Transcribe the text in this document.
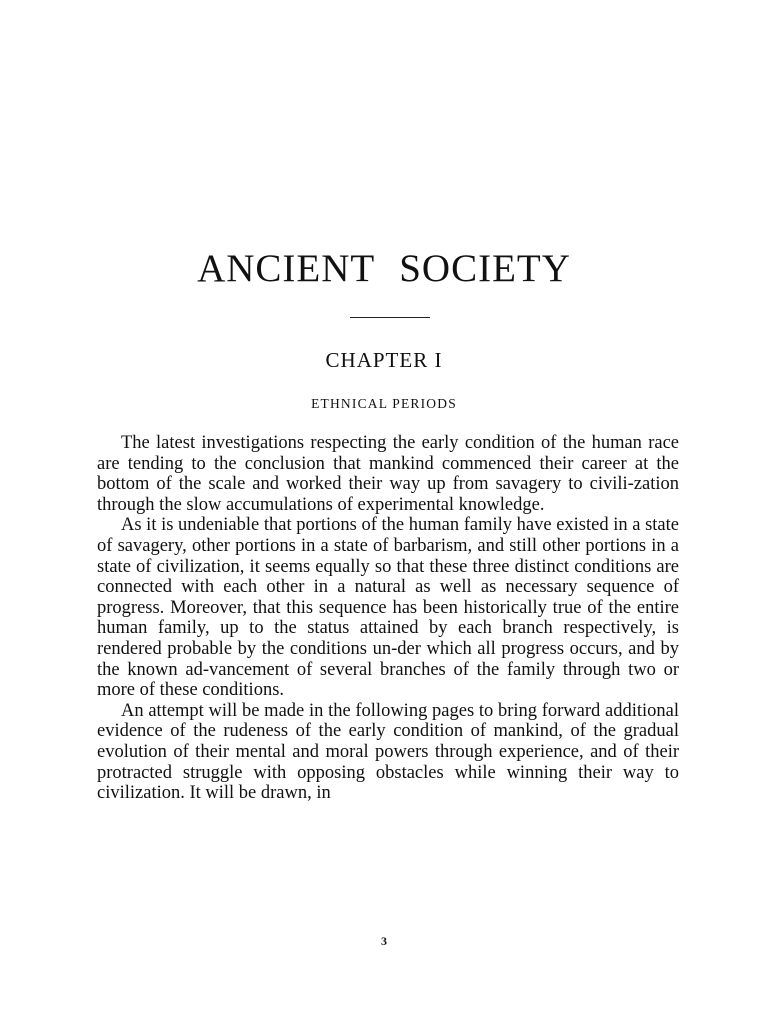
ANCIENT SOCIETY
CHAPTER I
ETHNICAL PERIODS

The latest investigations respecting the early condition of the human race are tending to the conclusion that mankind commenced their career at the bottom of the scale and worked their way up from savagery to civili-zation through the slow accumulations of experimental knowledge.

As it is undeniable that portions of the human family have existed in a state of savagery, other portions in a state of barbarism, and still other portions in a state of civilization, it seems equally so that these three distinct conditions are connected with each other in a natural as well as necessary sequence of progress. Moreover, that this sequence has been historically true of the entire human family, up to the status attained by each branch respectively, is rendered probable by the conditions un-der which all progress occurs, and by the known ad-vancement of several branches of the family through two or more of these conditions.

An attempt will be made in the following pages to bring forward additional evidence of the rudeness of the early condition of mankind, of the gradual evolution of their mental and moral powers through experience, and of their protracted struggle with opposing obstacles while winning their way to civilization. It will be drawn, in

3
